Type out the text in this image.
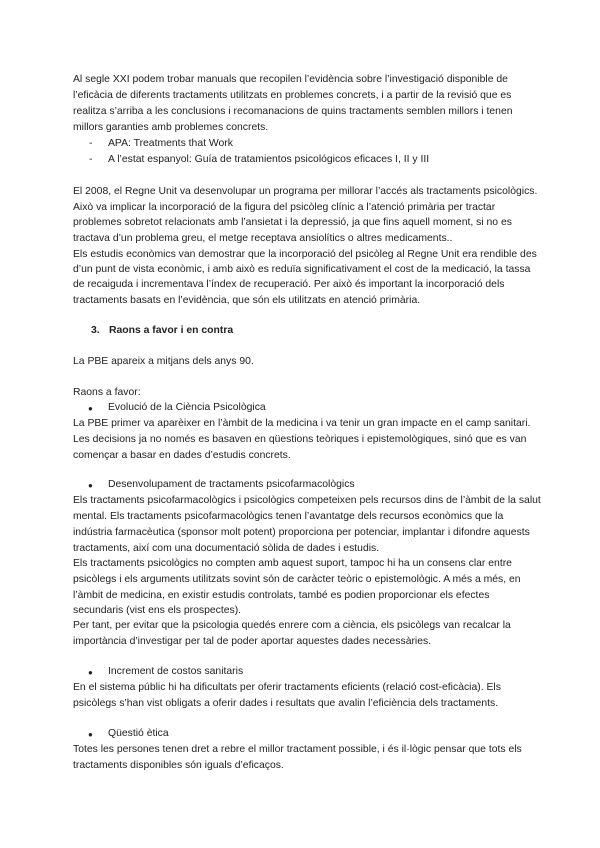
Al segle XXI podem trobar manuals que recopilen l’evidència sobre l’investigació disponible de
l’eficàcia de diferents tractaments utilitzats en problemes concrets, i a partir de la revisió que es
realitza s’arriba a les conclusions i recomanacions de quins tractaments semblen millors i tenen
millors garanties amb problemes concrets.
- APA: Treatments that Work
- A l’estat espanyol: Guía de tratamientos psicológicos eficaces I, II y III
El 2008, el Regne Unit va desenvolupar un programa per millorar l’accés als tractaments psicològics.
Això va implicar la incorporació de la figura del psicòleg clínic a l’atenció primària per tractar
problemes sobretot relacionats amb l’ansietat i la depressió, ja que fins aquell moment, si no es
tractava d’un problema greu, el metge receptava ansiolítics o altres medicaments..
Els estudis econòmics van demostrar que la incorporació del psicòleg al Regne Unit era rendible des
d’un punt de vista econòmic, i amb això es reduïa significativament el cost de la medicació, la tassa
de recaiguda i incrementava l’índex de recuperació. Per això és important la incorporació dels
tractaments basats en l’evidència, que són els utilitzats en atenció primària.
3. Raons a favor i en contra
La PBE apareix a mitjans dels anys 90.
Raons a favor:
● Evolució de la Ciència Psicològica
La PBE primer va aparèixer en l’àmbit de la medicina i va tenir un gran impacte en el camp sanitari.
Les decisions ja no només es basaven en qüestions teòriques i epistemològiques, sinó que es van
començar a basar en dades d’estudis concrets.
● Desenvolupament de tractaments psicofarmacològics
Els tractaments psicofarmacològics i psicològics competeixen pels recursos dins de l’àmbit de la salut
mental. Els tractaments psicofarmacològics tenen l’avantatge dels recursos econòmics que la
indústria farmacèutica (sponsor molt potent) proporciona per potenciar, implantar i difondre aquests
tractaments, així com una documentació sòlida de dades i estudis.
Els tractaments psicològics no compten amb aquest suport, tampoc hi ha un consens clar entre
psicòlegs i els arguments utilitzats sovint són de caràcter teòric o epistemològic. A més a més, en
l’àmbit de medicina, en existir estudis controlats, també es podien proporcionar els efectes
secundaris (vist ens els prospectes).
Per tant, per evitar que la psicologia quedés enrere com a ciència, els psicòlegs van recalcar la
importància d’investigar per tal de poder aportar aquestes dades necessàries.
● Increment de costos sanitaris
En el sistema públic hi ha dificultats per oferir tractaments eficients (relació cost-eficàcia). Els
psicòlegs s’han vist obligats a oferir dades i resultats que avalin l’eficiència dels tractaments.
● Qüestió ètica
Totes les persones tenen dret a rebre el millor tractament possible, i és il·lògic pensar que tots els
tractaments disponibles són iguals d’eficaços.
